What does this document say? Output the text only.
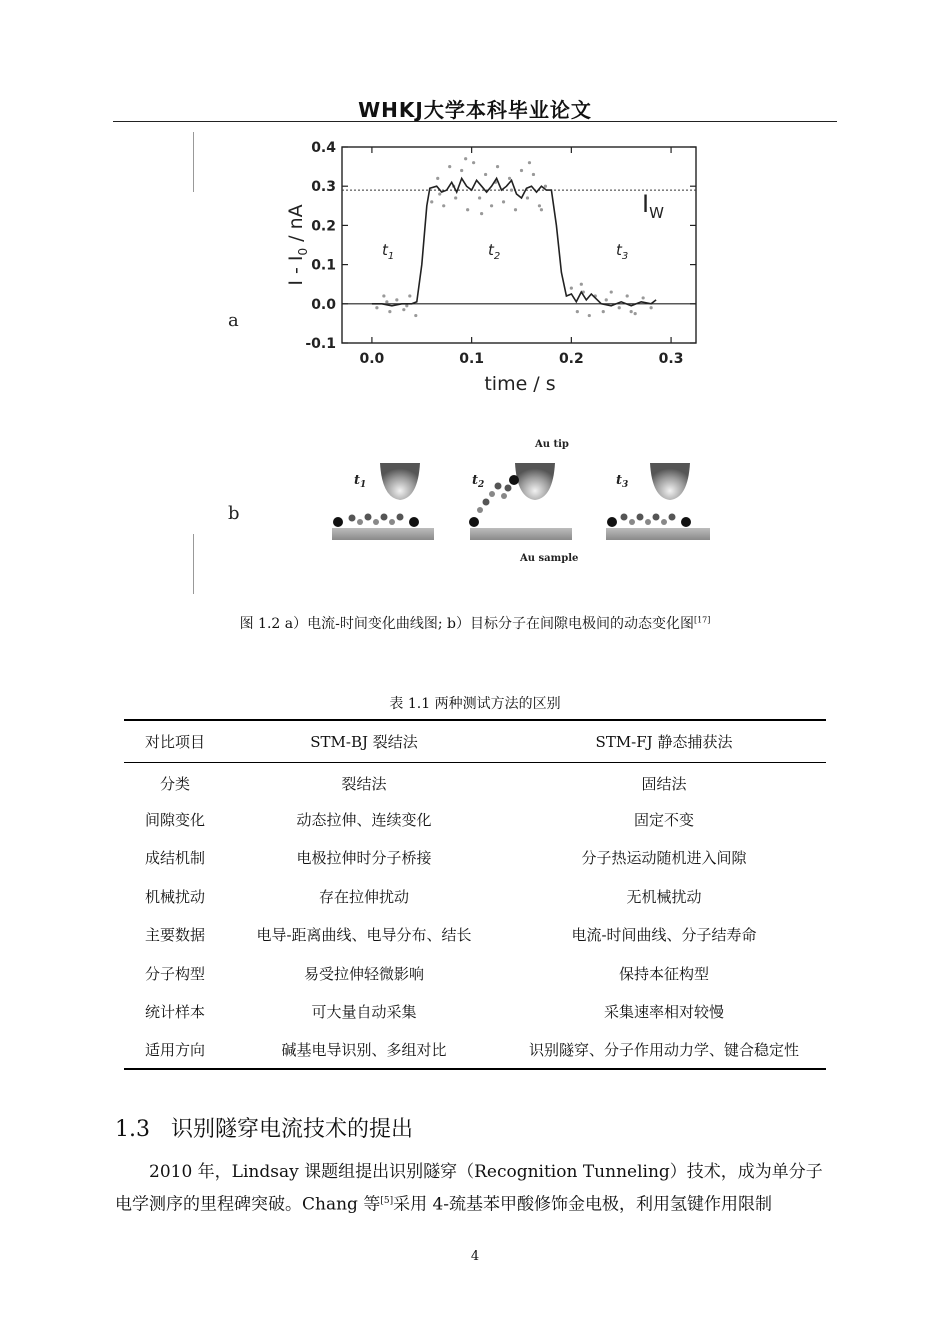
WHKJ大学本科毕业论文
a
b
0.4
0.3
0.2
0.1
0.0
-0.1
0.0	0.1	0.2	0.3
$I_W$
$t_1$	$t_2$	$t_3$
I - $I_0$ / nA
time / s
Au tip
Au sample
$t_1$	$t_2$	$t_3$
图 1.2 a）电流-时间变化曲线图; b）目标分子在间隙电极间的动态变化图[17]
表 1.1 两种测试方法的区别
对比项目	STM-BJ 裂结法	STM-FJ 静态捕获法
分类	裂结法	固结法
间隙变化	动态拉伸、连续变化	固定不变
成结机制	电极拉伸时分子桥接	分子热运动随机进入间隙
机械扰动	存在拉伸扰动	无机械扰动
主要数据	电导-距离曲线、电导分布、结长	电流-时间曲线、分子结寿命
分子构型	易受拉伸轻微影响	保持本征构型
统计样本	可大量自动采集	采集速率相对较慢
适用方向	碱基电导识别、多组对比	识别隧穿、分子作用动力学、键合稳定性
1.3 识别隧穿电流技术的提出
2010 年，Lindsay 课题组提出识别隧穿（Recognition Tunneling）技术，成为单分子
电学测序的里程碑突破。Chang 等[5]采用 4-巯基苯甲酸修饰金电极，利用氢键作用限制
4
